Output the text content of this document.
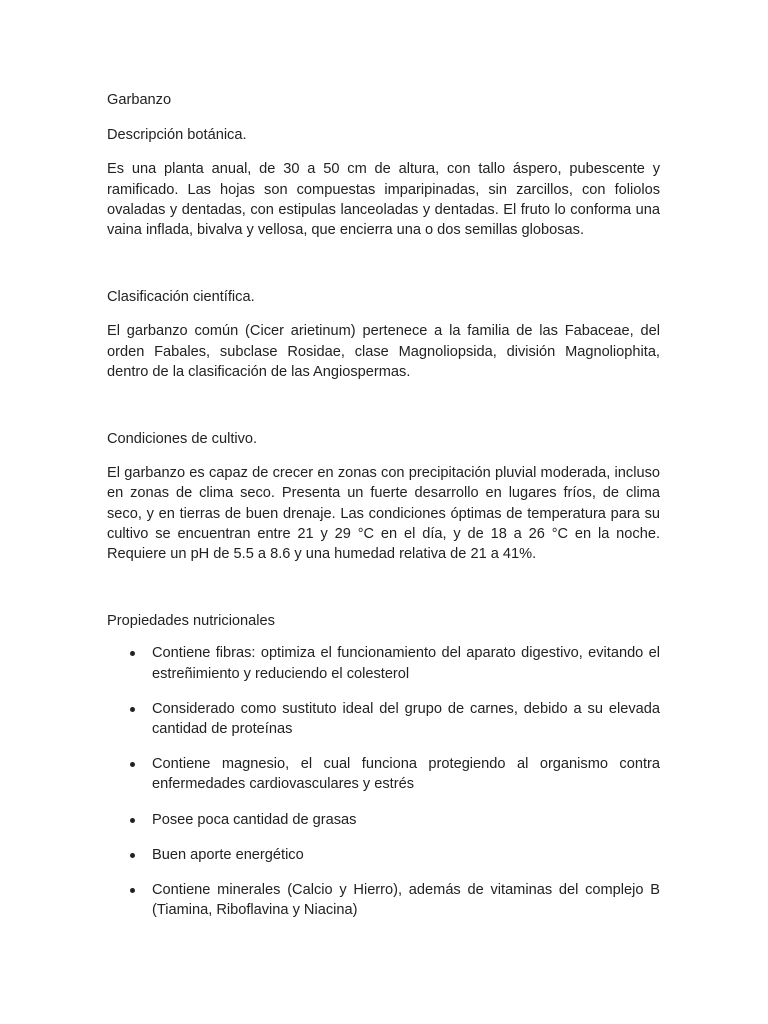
Garbanzo

Descripción botánica.

Es una planta anual, de 30 a 50 cm de altura, con tallo áspero, pubescente y ramificado. Las hojas son compuestas imparipinadas, sin zarcillos, con foliolos ovaladas y dentadas, con estipulas lanceoladas y dentadas. El fruto lo conforma una vaina inflada, bivalva y vellosa, que encierra una o dos semillas globosas.

Clasificación científica.

El garbanzo común (Cicer arietinum) pertenece a la familia de las Fabaceae, del orden Fabales, subclase Rosidae, clase Magnoliopsida, división Magnoliophita, dentro de la clasificación de las Angiospermas.

Condiciones de cultivo.

El garbanzo es capaz de crecer en zonas con precipitación pluvial moderada, incluso en zonas de clima seco. Presenta un fuerte desarrollo en lugares fríos, de clima seco, y en tierras de buen drenaje. Las condiciones óptimas de temperatura para su cultivo se encuentran entre 21 y 29 °C en el día, y de 18 a 26 °C en la noche. Requiere un pH de 5.5 a 8.6 y una humedad relativa de 21 a 41%.

Propiedades nutricionales

Contiene fibras: optimiza el funcionamiento del aparato digestivo, evitando el estreñimiento y reduciendo el colesterol
Considerado como sustituto ideal del grupo de carnes, debido a su elevada cantidad de proteínas
Contiene magnesio, el cual funciona protegiendo al organismo contra enfermedades cardiovasculares y estrés
Posee poca cantidad de grasas
Buen aporte energético
Contiene minerales (Calcio y Hierro), además de vitaminas del complejo B (Tiamina, Riboflavina y Niacina)
